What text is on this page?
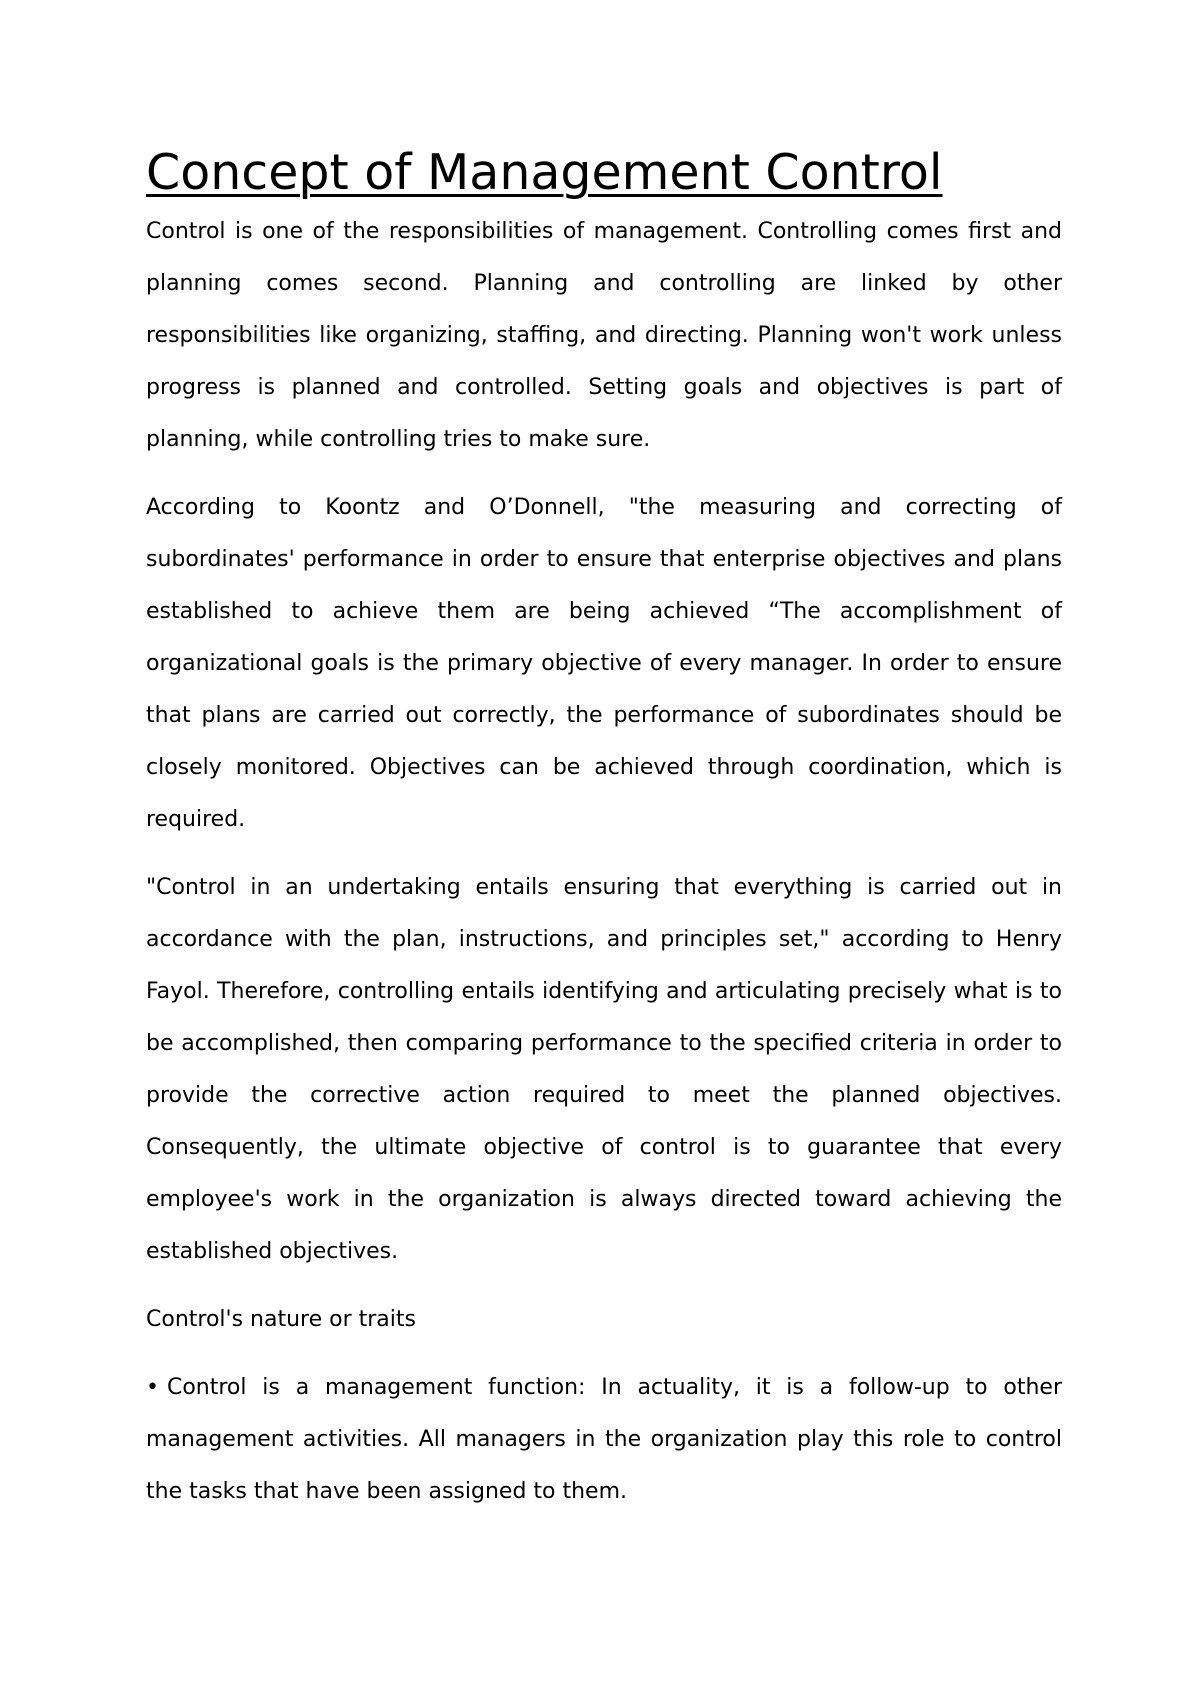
Concept of Management Control

Control is one of the responsibilities of management. Controlling comes first and planning comes second. Planning and controlling are linked by other responsibilities like organizing, staffing, and directing. Planning won't work unless progress is planned and controlled. Setting goals and objectives is part of planning, while controlling tries to make sure.

According to Koontz and O’Donnell, "the measuring and correcting of subordinates' performance in order to ensure that enterprise objectives and plans established to achieve them are being achieved “The accomplishment of organizational goals is the primary objective of every manager. In order to ensure that plans are carried out correctly, the performance of subordinates should be closely monitored. Objectives can be achieved through coordination, which is required.

"Control in an undertaking entails ensuring that everything is carried out in accordance with the plan, instructions, and principles set," according to Henry Fayol. Therefore, controlling entails identifying and articulating precisely what is to be accomplished, then comparing performance to the specified criteria in order to provide the corrective action required to meet the planned objectives. Consequently, the ultimate objective of control is to guarantee that every employee's work in the organization is always directed toward achieving the established objectives.

Control's nature or traits

• Control is a management function: In actuality, it is a follow-up to other management activities. All managers in the organization play this role to control the tasks that have been assigned to them.
